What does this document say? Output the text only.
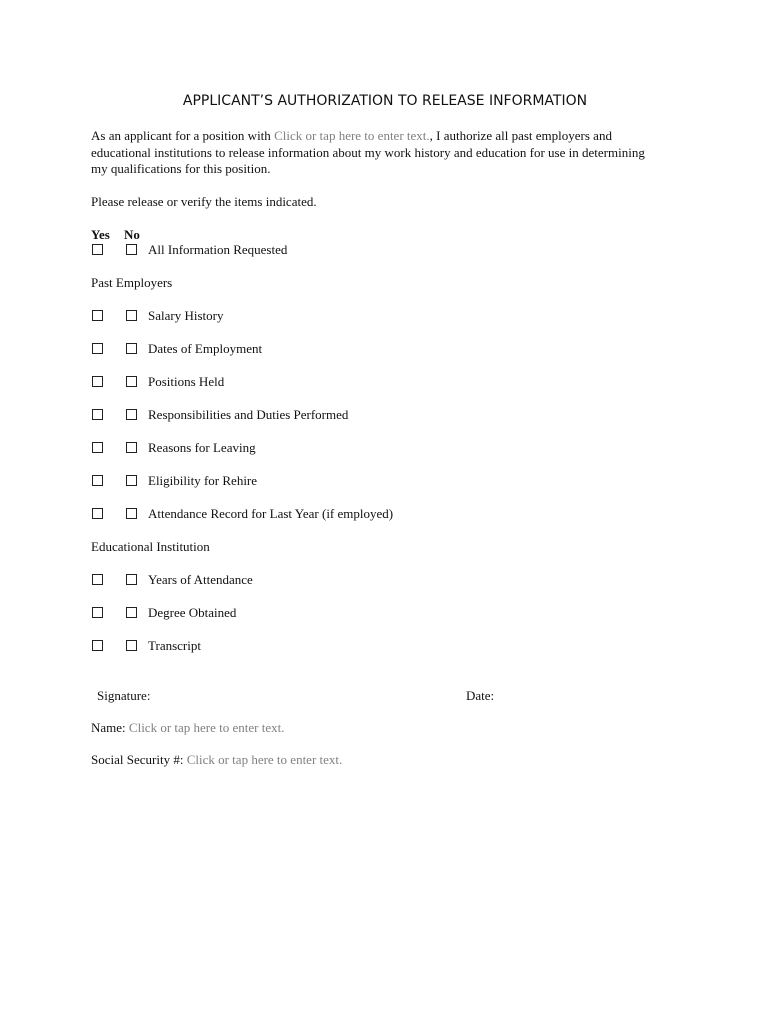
APPLICANT’S AUTHORIZATION TO RELEASE INFORMATION
As an applicant for a position with Click or tap here to enter text., I authorize all past employers and educational institutions to release information about my work history and education for use in determining my qualifications for this position.
Please release or verify the items indicated.
Yes No
All Information Requested
Past Employers
Salary History
Dates of Employment
Positions Held
Responsibilities and Duties Performed
Reasons for Leaving
Eligibility for Rehire
Attendance Record for Last Year (if employed)
Educational Institution
Years of Attendance
Degree Obtained
Transcript
Signature:	Date:
Name: Click or tap here to enter text.
Social Security #: Click or tap here to enter text.
